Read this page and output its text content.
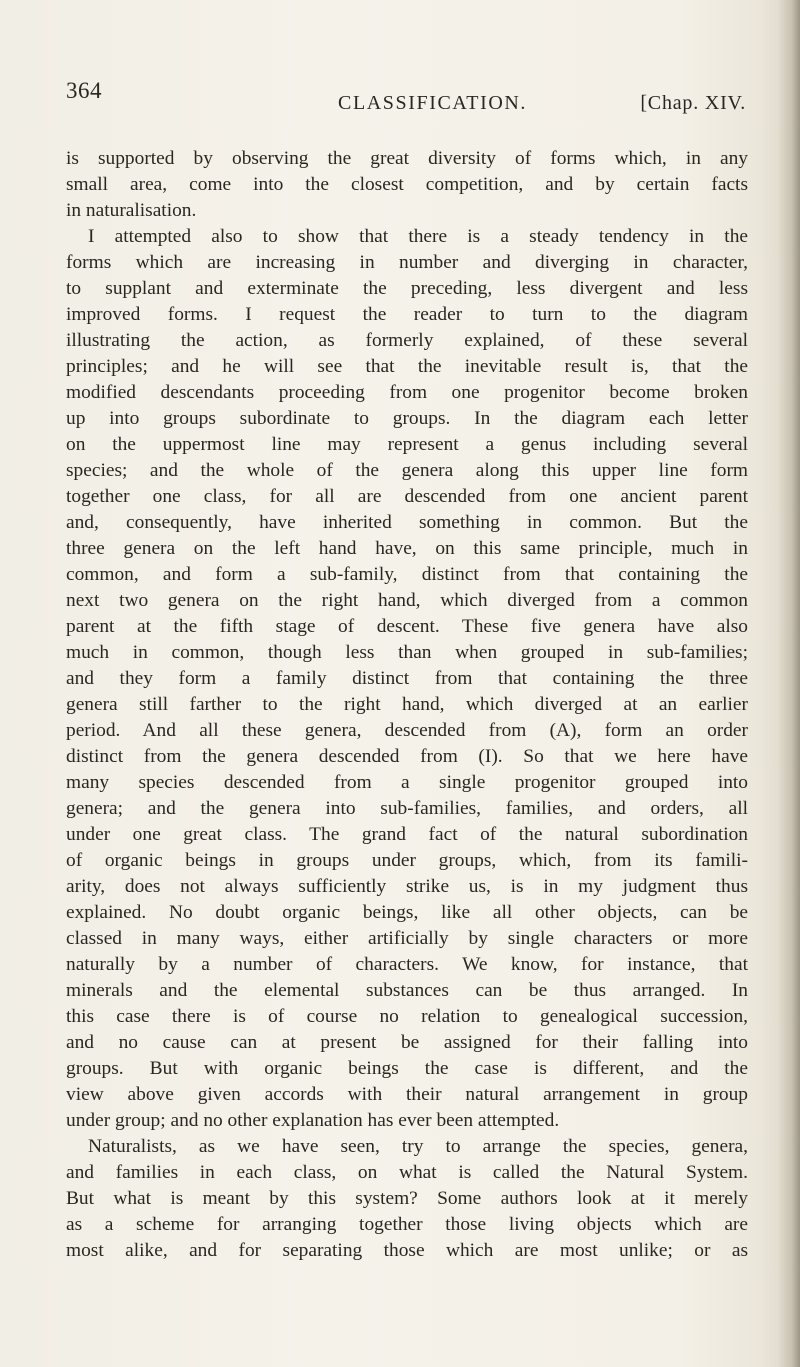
364	CLASSIFICATION.	[Chap. XIV.
is supported by observing the great diversity of forms which, in any
small area, come into the closest competition, and by certain facts
in naturalisation.
I attempted also to show that there is a steady tendency in the
forms which are increasing in number and diverging in character,
to supplant and exterminate the preceding, less divergent and less
improved forms. I request the reader to turn to the diagram
illustrating the action, as formerly explained, of these several
principles; and he will see that the inevitable result is, that the
modified descendants proceeding from one progenitor become broken
up into groups subordinate to groups. In the diagram each letter
on the uppermost line may represent a genus including several
species; and the whole of the genera along this upper line form
together one class, for all are descended from one ancient parent
and, consequently, have inherited something in common. But the
three genera on the left hand have, on this same principle, much in
common, and form a sub-family, distinct from that containing the
next two genera on the right hand, which diverged from a common
parent at the fifth stage of descent. These five genera have also
much in common, though less than when grouped in sub-families;
and they form a family distinct from that containing the three
genera still farther to the right hand, which diverged at an earlier
period. And all these genera, descended from (A), form an order
distinct from the genera descended from (I). So that we here have
many species descended from a single progenitor grouped into
genera; and the genera into sub-families, families, and orders, all
under one great class. The grand fact of the natural subordination
of organic beings in groups under groups, which, from its famili-
arity, does not always sufficiently strike us, is in my judgment thus
explained. No doubt organic beings, like all other objects, can be
classed in many ways, either artificially by single characters or more
naturally by a number of characters. We know, for instance, that
minerals and the elemental substances can be thus arranged. In
this case there is of course no relation to genealogical succession,
and no cause can at present be assigned for their falling into
groups. But with organic beings the case is different, and the
view above given accords with their natural arrangement in group
under group; and no other explanation has ever been attempted.
Naturalists, as we have seen, try to arrange the species, genera,
and families in each class, on what is called the Natural System.
But what is meant by this system? Some authors look at it merely
as a scheme for arranging together those living objects which are
most alike, and for separating those which are most unlike; or as
